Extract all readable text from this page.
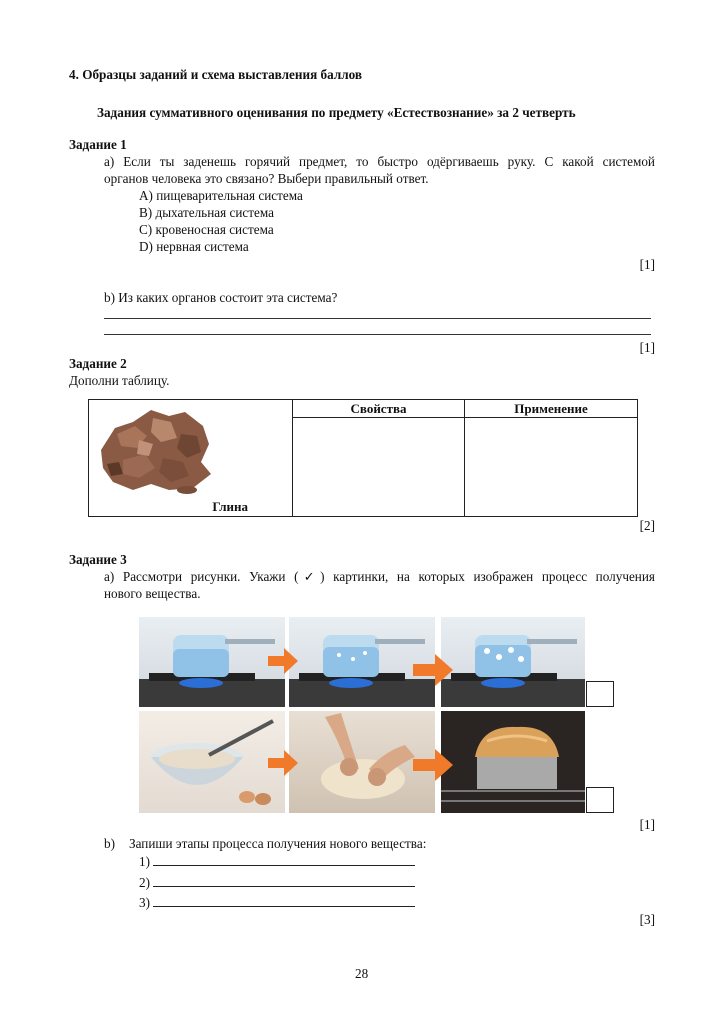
4. Образцы заданий и схема выставления баллов
Задания суммативного оценивания по предмету «Естествознание» за 2 четверть
Задание 1
а) Если ты заденешь горячий предмет, то быстро одёргиваешь руку. С какой системой
органов человека это связано? Выбери правильный ответ.
A) пищеварительная система
B) дыхательная система
C) кровеносная система
D) нервная система
[1]
b) Из каких органов состоит эта система?
[1]
Задание 2
Дополни таблицу.
Глина	Свойства	Применение

[2]
Задание 3
а) Рассмотри рисунки. Укажи (✓) картинки, на которых изображен процесс получения
нового вещества.
[1]
b) Запиши этапы процесса получения нового вещества:
1)
2)
3)
[3]
28
